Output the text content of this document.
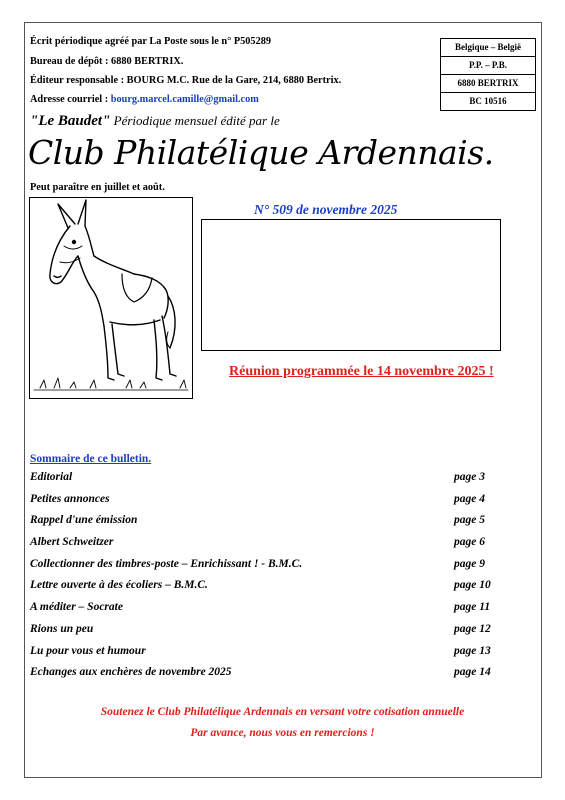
Écrit périodique agréé par La Poste sous le n° P505289
Bureau de dépôt : 6880 BERTRIX.
Éditeur responsable : BOURG M.C. Rue de la Gare, 214, 6880 Bertrix.
Adresse courriel : bourg.marcel.camille@gmail.com
Belgique – België
P.P. – P.B.
6880 BERTRIX
BC 10516
"Le Baudet" Périodique mensuel édité par le
Club Philatélique Ardennais.
Peut paraître en juillet et août.
N° 509 de novembre 2025
Réunion programmée le 14 novembre 2025 !
Sommaire de ce bulletin.
Editorial	page 3
Petites annonces	page 4
Rappel d'une émission	page 5
Albert Schweitzer	page 6
Collectionner des timbres-poste – Enrichissant ! - B.M.C.	page 9
Lettre ouverte à des écoliers – B.M.C.	page 10
A méditer – Socrate	page 11
Rions un peu	page 12
Lu pour vous et humour	page 13
Echanges aux enchères de novembre 2025	page 14
Soutenez le Club Philatélique Ardennais en versant votre cotisation annuelle
Par avance, nous vous en remercions !
